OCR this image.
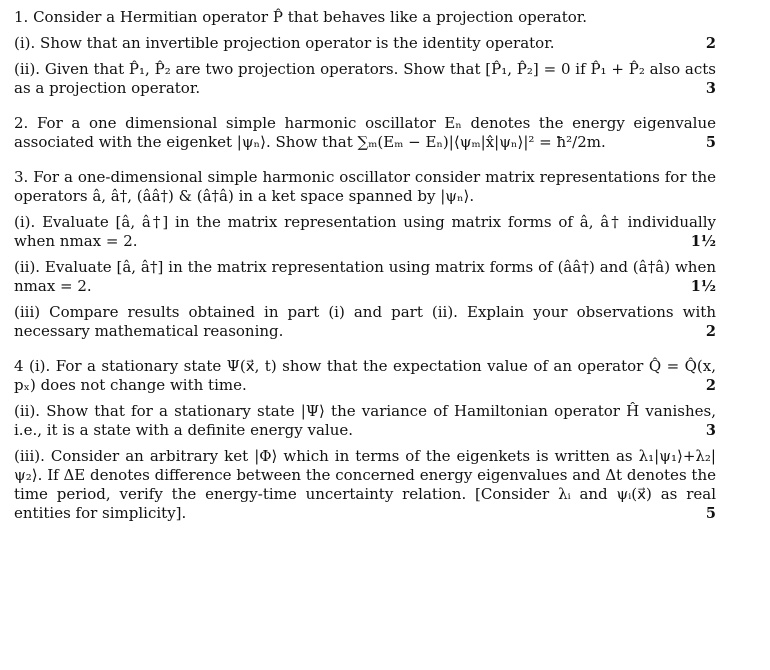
1. Consider a Hermitian operator P̂ that behaves like a projection operator.
(i). Show that an invertible projection operator is the identity operator.	2
(ii). Given that P̂₁, P̂₂ are two projection operators. Show that [P̂₁, P̂₂] = 0 if P̂₁ + P̂₂ also acts as a projection operator.	3
2. For a one dimensional simple harmonic oscillator Eₙ denotes the energy eigenvalue associated with the eigenket |ψₙ⟩. Show that ∑ₘ(Eₘ − Eₙ)|⟨ψₘ|x̂|ψₙ⟩|² = ħ²/2m.	5
3. For a one-dimensional simple harmonic oscillator consider matrix representations for the operators â, â†, (ââ†) & (â†â) in a ket space spanned by |ψₙ⟩.
(i). Evaluate [â, â†] in the matrix representation using matrix forms of â, â† individually when nmax = 2.	1½
(ii). Evaluate [â, â†] in the matrix representation using matrix forms of (ââ†) and (â†â) when nmax = 2.	1½
(iii) Compare results obtained in part (i) and part (ii). Explain your observations with necessary mathematical reasoning.	2
4 (i). For a stationary state Ψ(x⃗, t) show that the expectation value of an operator Q̂ = Q̂(x, pₓ) does not change with time.	2
(ii). Show that for a stationary state |Ψ⟩ the variance of Hamiltonian operator Ĥ vanishes, i.e., it is a state with a definite energy value.	3
(iii). Consider an arbitrary ket |Φ⟩ which in terms of the eigenkets is written as λ₁|ψ₁⟩+λ₂|ψ₂⟩. If ΔE denotes difference between the concerned energy eigenvalues and Δt denotes the time period, verify the energy-time uncertainty relation. [Consider λᵢ and ψᵢ(x⃗) as real entities for simplicity].	5
